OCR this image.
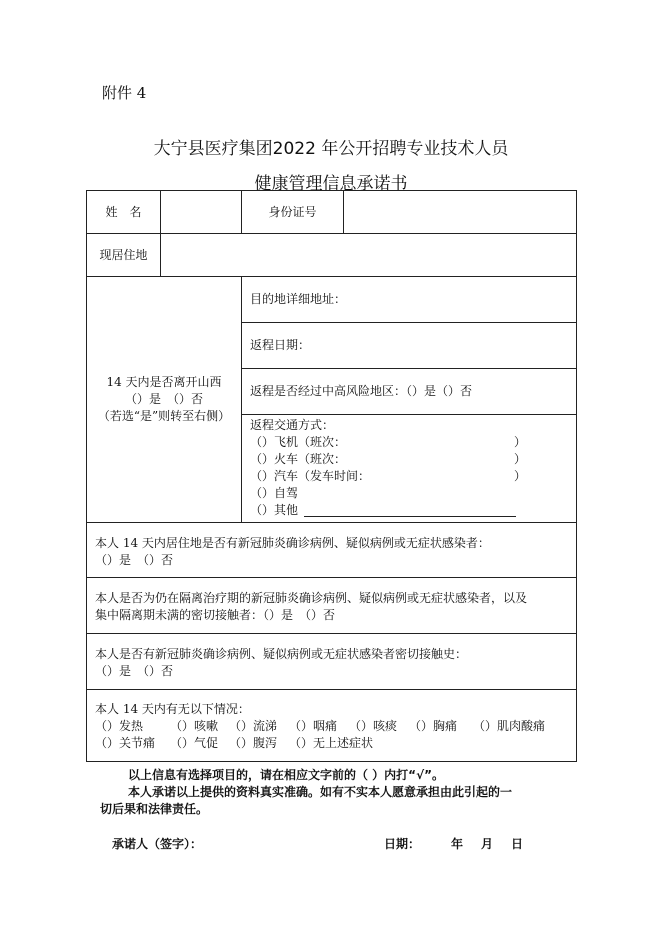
附件 4
大宁县医疗集团2022 年公开招聘专业技术人员
健康管理信息承诺书
姓　名	身份证号
现居住地
14 天内是否离开山西
（）是　（）否
（若选“是”则转至右侧）
目的地详细地址：
返程日期：
返程是否经过中高风险地区：（）是（）否
返程交通方式：
（）飞机（班次：	）
（）火车（班次：	）
（）汽车（发车时间：	）
（）自驾
（）其他
本人 14 天内居住地是否有新冠肺炎确诊病例、疑似病例或无症状感染者：
（）是　（）否
本人是否为仍在隔离治疗期的新冠肺炎确诊病例、疑似病例或无症状感染者，以及
集中隔离期未满的密切接触者：（）是　（）否
本人是否有新冠肺炎确诊病例、疑似病例或无症状感染者密切接触史：
（）是　（）否
本人 14 天内有无以下情况：
（）发热	（）咳嗽 （）流涕 （）咽痛 （）咳痰 （）胸痛	（）肌肉酸痛
（）关节痛	（）气促 （）腹泻 （）无上述症状
以上信息有选择项目的，请在相应文字前的（ ）内打“√”。
本人承诺以上提供的资料真实准确。如有不实本人愿意承担由此引起的一
切后果和法律责任。
承诺人（签字）：	日期：	年 月 日
